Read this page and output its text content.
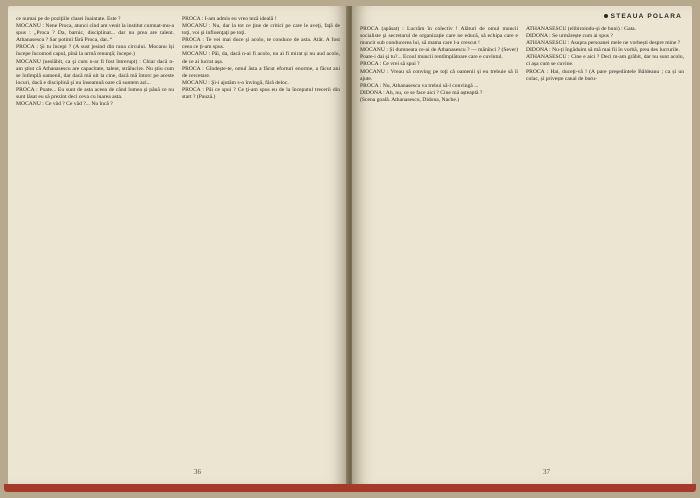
ce numai pe de poziţiile clasei înaintate. Este ?

MOCANU : Nene Proca, atunci cînd am venit la institut cumnat-mu-a spus : „Proca ? Da, barnic, disciplinat... dar nu prea are talent. Athanasescu ? Sar potimi fără Proca, dar..“

PROCA : Şi tu începi ? (A sust jesind din rana circului. Mocanu își începe încomod capul, pînă la urmă renunță; începe.)

MOCANU (neslăbit, ca şi cum n-ar fi fost întrerupt) : Chiar dacă n-am ştiut că Athanasescu are capacitate, talent, strălucire. Nu ştiu cum se întîmplă oamenii, dar dacă mă uit la cine, dacă mă întorc pe aceste locuri, dacă e disciplină şi nu înseamnă oare că suntem azi...

PROCA : Poate... Eu sunt de asta aceea de când lumea și până ce nu sunt lăsat eu să prezint deci ceva cu luarea asta.

MOCANU : Ce văd ? Ce văd ?... Nu încă ?

PROCA : I-am admis eu vreo teză ideală !

MOCANU : Nu, dar la tot ce ţine de critici pe care le aveţi, faţă de toţi, voi şi influenţaţi pe toţi.

PROCA : Te vei mai duce şi acolo, te conduce de asta. Atât. A fost ceea ce ţi-am spus.

MOCANU : Păi, da, dacă n-ai fi acolo, nu ai fi mirat și nu aud acolo, de ce ai lucrat așa.

PROCA : Gîndeşte-te, omul ăsta a făcut eforturi enorme, a făcut ani de cercetare.

MOCANU : Şi-i ajutăm s-o învingă, fără deloc.

PROCA : Păi ce spui ? Ce ţi-am spus eu de la începutul trecerii din start ? (Pauză.)

36
STEAUA POLARA

PROCA (apăsat) : Lucrăm în colectiv ! Alături de omul muncii socialiste şi secretarul de organizație care ne educă, să echipa care e muncit sub conducerea lui, să mama care l-a crescut !

MOCANU : Și dumneata ce-ai de Athanasescu ? — mănînci ? (Sever) Poate-i dai şi tu?... Ecoul muncii rentîmplătoare care e cuvîntul.

PROCA : Ce vrei să spui ?

MOCANU : Vreau să conving pe toţi că oamenii și eu trebuie să îi ajute.

PROCA : Nu, Athanasescu va trebui să-l convingă ...

DIDONA : Ah, nu, ce se face aici ? Cine mă așteaptă ?

(Scena goală. Athanasescu, Didona, Nache.)

ATHANASESCU (elibiroindu-și de buni) : Gata.

DIDONA : Se urmărește cum ai spus ?

ATHANASESCU : Asupra persoanei mele ne vorbești despre mine ?

DIDONA : Nu-ți îngăduim să mă mai fii în vorbă, prea des lucrurile.

ATHANASESCU : Cine e aici ? Deci m-am grăbit, dar nu sunt acolo, ci aşa cum se cuvine.

PROCA : Hai, duceţi-vă ! (A pare preşedintele Băldeanu ; ca și un colac, și privește canal de buru-

37
